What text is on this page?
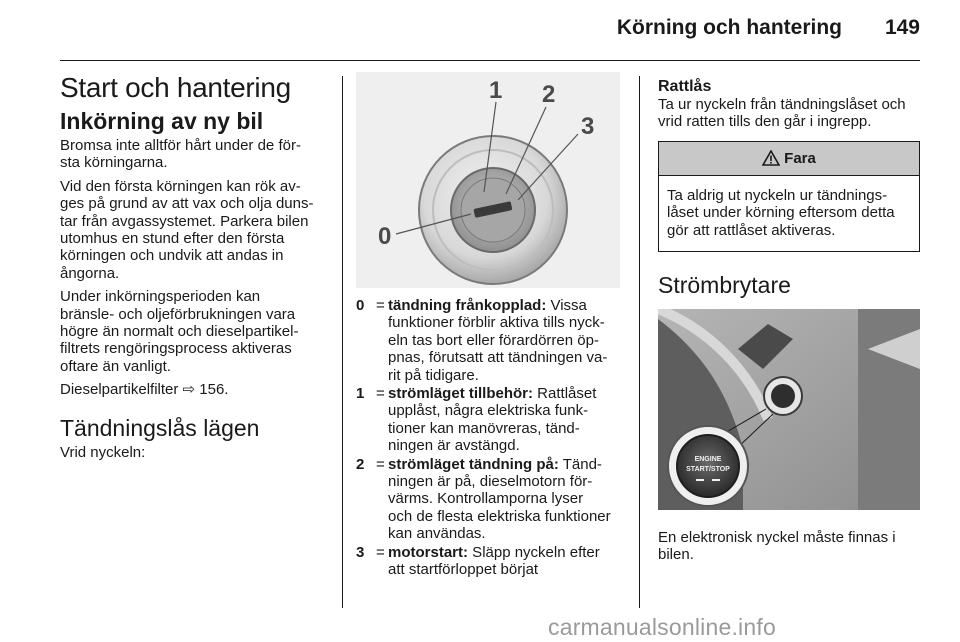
Körning och hantering 149
Start och hantering
Inkörning av ny bil
Bromsa inte alltför hårt under de för-
sta körningarna.
Vid den första körningen kan rök av-
ges på grund av att vax och olja duns-
tar från avgassystemet. Parkera bilen
utomhus en stund efter den första
körningen och undvik att andas in
ångorna.
Under inkörningsperioden kan
bränsle- och oljeförbrukningen vara
högre än normalt och dieselpartikel-
filtrets rengöringsprocess aktiveras
oftare än vanligt.
Dieselpartikelfilter ⇨ 156.
Tändningslås lägen
Vrid nyckeln:
0
1 2
3
0 = tändning frånkopplad: Vissa
funktioner förblir aktiva tills nyck-
eln tas bort eller förardörren öp-
pnas, förutsatt att tändningen va-
rit på tidigare.
1 = strömläget tillbehör: Rattlåset
upplåst, några elektriska funk-
tioner kan manövreras, tänd-
ningen är avstängd.
2 = strömläget tändning på: Tänd-
ningen är på, dieselmotorn för-
värms. Kontrollamporna lyser
och de flesta elektriska funktioner
kan användas.
3 = motorstart: Släpp nyckeln efter
att startförloppet börjat
Rattlås
Ta ur nyckeln från tändningslåset och
vrid ratten tills den går i ingrepp.
Fara
Ta aldrig ut nyckeln ur tändnings-
låset under körning eftersom detta
gör att rattlåset aktiveras.
Strömbrytare
ENGINE
START/STOP
En elektronisk nyckel måste finnas i
bilen.
carmanualsonline.info
